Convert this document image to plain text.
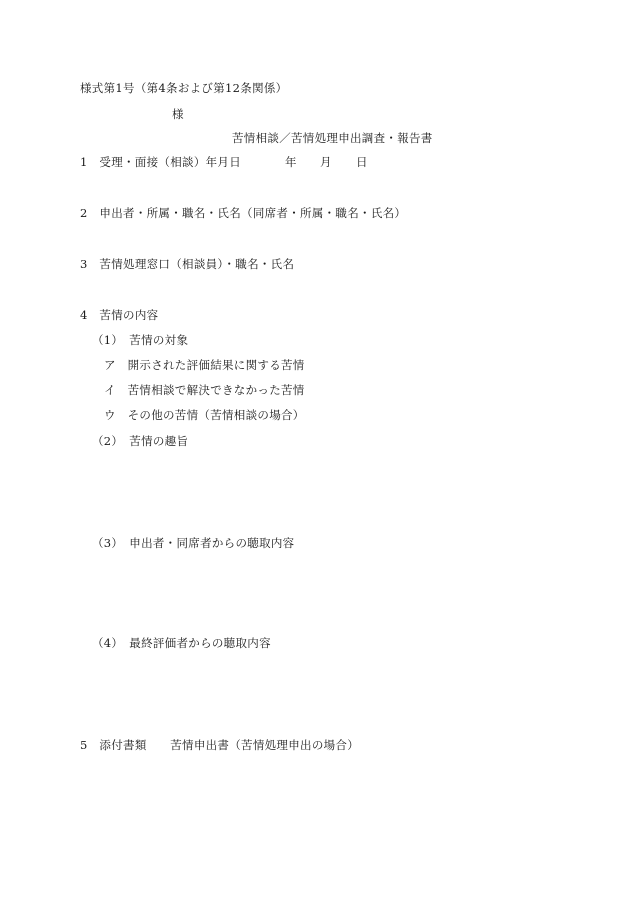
様式第1号（第4条および第12条関係）
様
苦情相談／苦情処理申出調査・報告書
1　受理・面接（相談）年月日	年 月 日
2　申出者・所属・職名・氏名（同席者・所属・職名・氏名）
3　苦情処理窓口（相談員）・職名・氏名
4　苦情の内容
（1）　苦情の対象
ア　開示された評価結果に関する苦情
イ　苦情相談で解決できなかった苦情
ウ　その他の苦情（苦情相談の場合）
（2）　苦情の趣旨
（3）　申出者・同席者からの聴取内容
（4）　最終評価者からの聴取内容
5　添付書類　　苦情申出書（苦情処理申出の場合）
